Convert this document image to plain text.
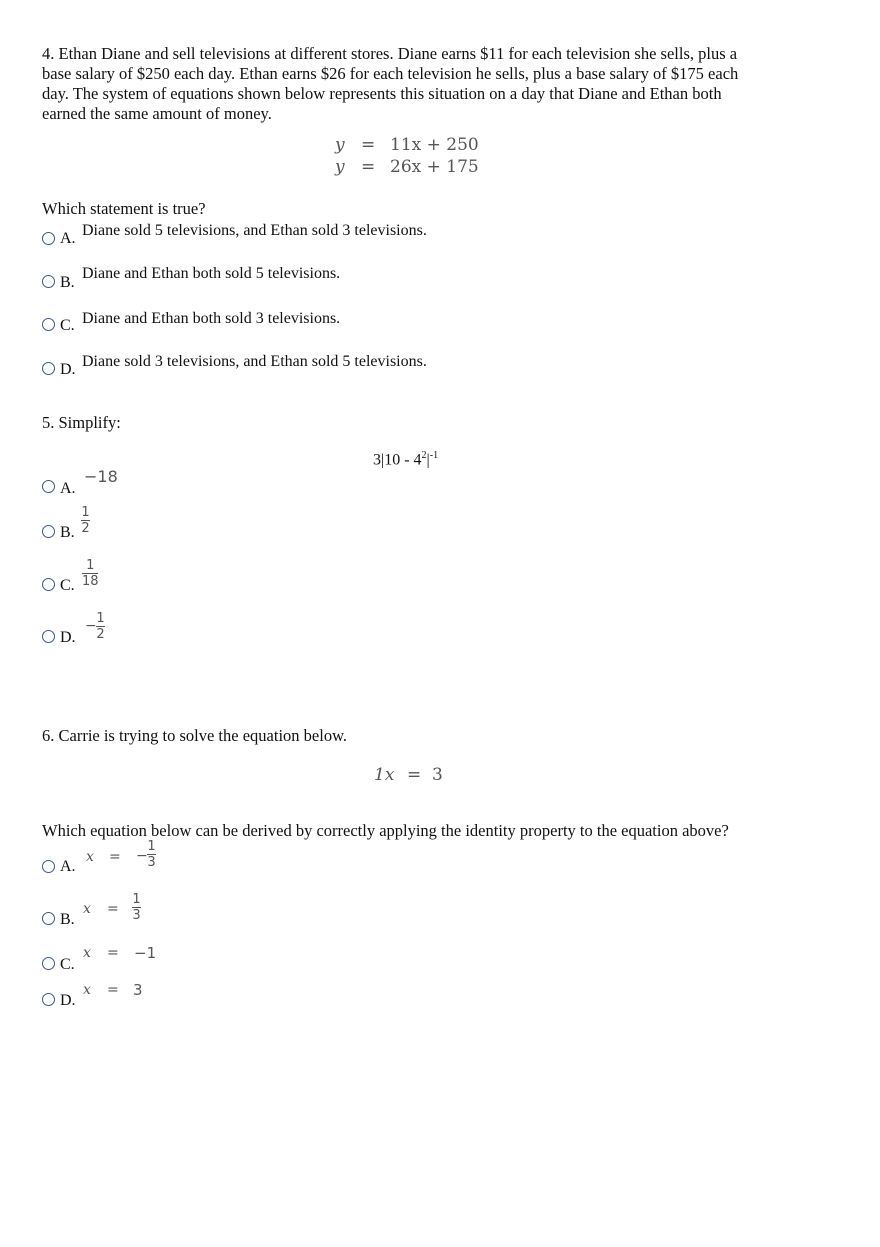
4. Ethan Diane and sell televisions at different stores. Diane earns $11 for each television she sells, plus a
base salary of $250 each day. Ethan earns $26 for each television he sells, plus a base salary of $175 each
day. The system of equations shown below represents this situation on a day that Diane and Ethan both
earned the same amount of money.
y = 11x + 250
y = 26x + 175
Which statement is true?
A. Diane sold 5 televisions, and Ethan sold 3 televisions.
B.
Diane and Ethan both sold 5 televisions.
C. Diane and Ethan both sold 3 televisions.
D. Diane sold 3 televisions, and Ethan sold 5 televisions.
5. Simplify:
$3|10 - 4^2|^{-1}$
A.
−18
B.
1
2
C.
1
18
D.
− 1
2
6. Carrie is trying to solve the equation below.
1x = 3
Which equation below can be derived by correctly applying the identity property to the equation above?
A.
x = −
1
3
B.
x =
1
3
C.
x = −1
D.
x = 3
